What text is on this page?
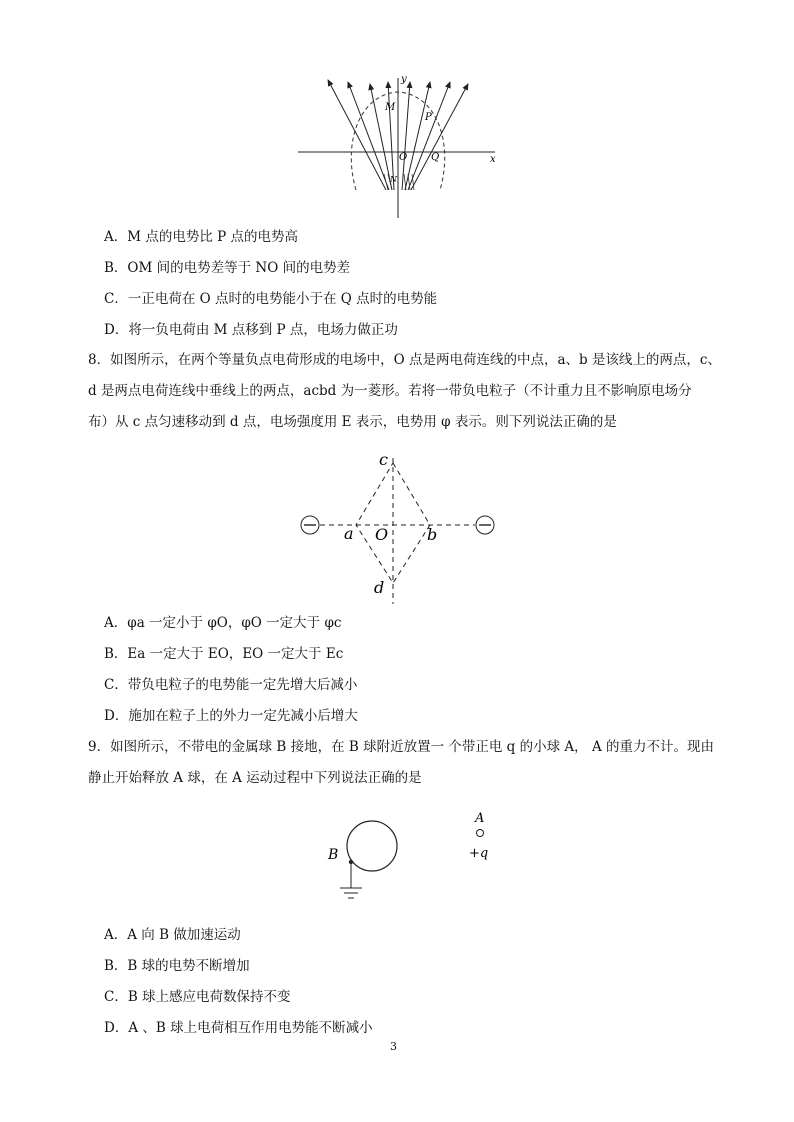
y
x
M
P
O Q
N
A．M 点的电势比 P 点的电势高
B．OM 间的电势差等于 NO 间的电势差
C．一正电荷在 O 点时的电势能小于在 Q 点时的电势能
D．将一负电荷由 M 点移到 P 点，电场力做正功
8．如图所示，在两个等量负点电荷形成的电场中，O 点是两电荷连线的中点，a、b 是该线上的两点，c、
d 是两点电荷连线中垂线上的两点，acbd 为一菱形。若将一带负电粒子（不计重力且不影响原电场分
布）从 c 点匀速移动到 d 点，电场强度用 E 表示，电势用 φ 表示。则下列说法正确的是
c
a O b
d
A．φa 一定小于 φO，φO 一定大于 φc
B．Ea 一定大于 EO，EO 一定大于 Ec
C．带负电粒子的电势能一定先增大后减小
D．施加在粒子上的外力一定先减小后增大
9．如图所示，不带电的金属球 B 接地，在 B 球附近放置一 个带正电 q 的小球 A， A 的重力不计。现由
静止开始释放 A 球，在 A 运动过程中下列说法正确的是
B
A
+q
A．A 向 B 做加速运动
B．B 球的电势不断增加
C．B 球上感应电荷数保持不变
D．A 、B 球上电荷相互作用电势能不断减小
3
